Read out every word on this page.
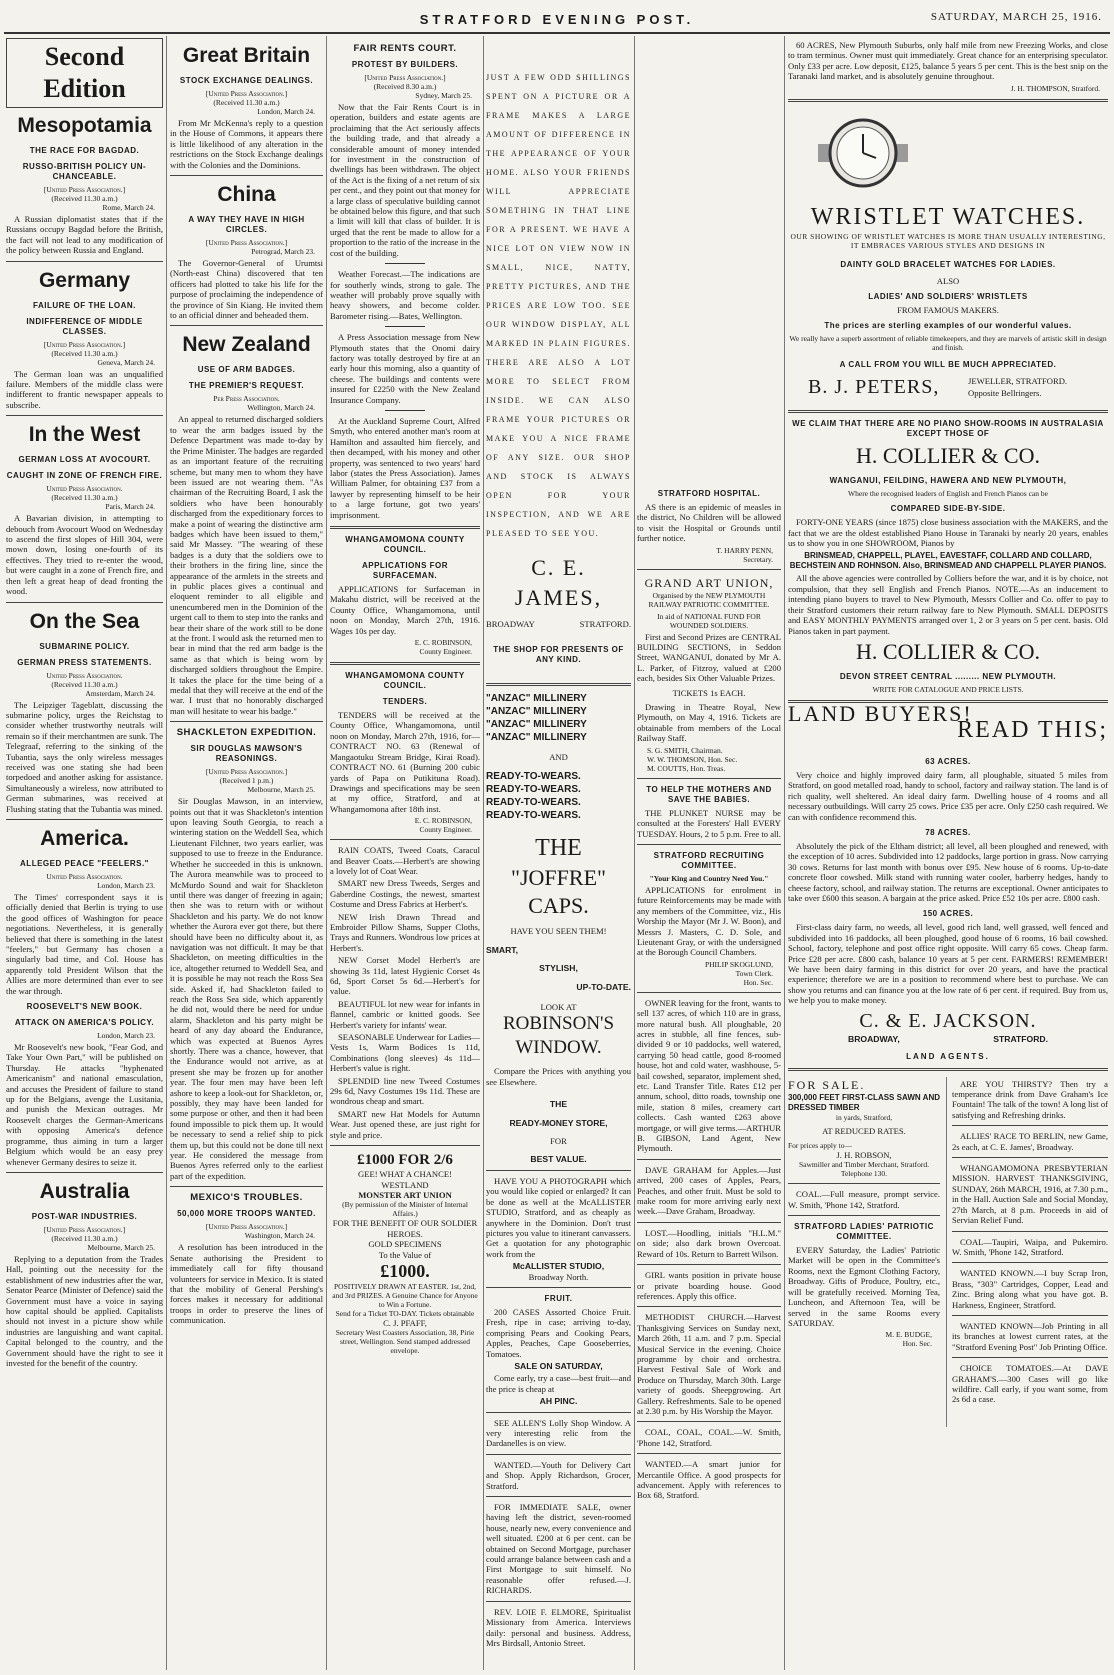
STRATFORD EVENING POST.	SATURDAY, MARCH 25, 1916.
Second Edition
Mesopotamia
THE RACE FOR BAGDAD.
RUSSO-BRITISH POLICY UN-CHANCEABLE.
[United Press Association.]
(Received 11.30 a.m.)
Rome, March 24.
A Russian diplomatist states that if the Russians occupy Bagdad before the British, the fact will not lead to any modification of the policy between Russia and England.
Germany
FAILURE OF THE LOAN.
INDIFFERENCE OF MIDDLE CLASSES.
[United Press Association.]
(Received 11.30 a.m.)
Geneva, March 24.
The German loan was an unqualified failure. Members of the middle class were indifferent to frantic newspaper appeals to subscribe.
In the West
GERMAN LOSS AT AVOCOURT.
CAUGHT IN ZONE OF FRENCH FIRE.
United Press Association.
(Received 11.30 a.m.)
Paris, March 24.
A Bavarian division, in attempting to debouch from Avocourt Wood on Wednesday to ascend the first slopes of Hill 304, were mown down, losing one-fourth of its effectives. They tried to re-enter the wood, but were caught in a zone of French fire, and then left a great heap of dead fronting the wood.
On the Sea
SUBMARINE POLICY.
GERMAN PRESS STATEMENTS.
United Press Association.
(Received 11.30 a.m.)
Amsterdam, March 24.
The Leipziger Tageblatt, discussing the submarine policy, urges the Reichstag to consider whether trustworthy neutrals will remain so if their merchantmen are sunk. The Telegraaf, referring to the sinking of the Tubantia, says the only wireless messages received was one stating she had been torpedoed and another asking for assistance. Simultaneously a wireless, now attributed to German submarines, was received at Flushing stating that the Tubantia was mined.
America.
ALLEGED PEACE "FEELERS."
United Press Association.
London, March 23.
The Times' correspondent says it is officially denied that Berlin is trying to use the good offices of Washington for peace negotiations. Nevertheless, it is generally believed that there is something in the latest "feelers," but Germany has chosen a singularly bad time, and Col. House has apparently told President Wilson that the Allies are more determined than ever to see the war through.
ROOSEVELT'S NEW BOOK.
ATTACK ON AMERICA'S POLICY.
London, March 23.
Mr Roosevelt's new book, "Fear God, and Take Your Own Part," will be published on Thursday. He attacks "hyphenated Americanism" and national emasculation, and accuses the President of failure to stand up for the Belgians, avenge the Lusitania, and punish the Mexican outrages. Mr Roosevelt charges the German-Americans with opposing America's defence programme, thus aiming in turn a larger Belgium which would be an easy prey whenever Germany desires to seize it.
Australia
POST-WAR INDUSTRIES.
[United Press Association.]
(Received 11.30 a.m.)
Melbourne, March 25.
Replying to a deputation from the Trades Hall, pointing out the necessity for the establishment of new industries after the war, Senator Pearce (Minister of Defence) said the Government must have a voice in saying how capital should be applied. Capitalists should not invest in a picture show while industries are languishing and want capital. Capital belonged to the country, and the Government should have the right to see it invested for the benefit of the country.
Great Britain
STOCK EXCHANGE DEALINGS.
[United Press Association.]
(Received 11.30 a.m.)
London, March 24.
From Mr McKenna's reply to a question in the House of Commons, it appears there is little likelihood of any alteration in the restrictions on the Stock Exchange dealings with the Colonies and the Dominions.
China
A WAY THEY HAVE IN HIGH CIRCLES.
[United Press Association.]
Petrograd, March 23.
The Governor-General of Urumtsi (North-east China) discovered that ten officers had plotted to take his life for the purpose of proclaiming the independence of the province of Sin Kiang. He invited them to an official dinner and beheaded them.
New Zealand
USE OF ARM BADGES.
THE PREMIER'S REQUEST.
Per Press Association.
Wellington, March 24.
An appeal to returned discharged soldiers to wear the arm badges issued by the Defence Department was made to-day by the Prime Minister. The badges are regarded as an important feature of the recruiting scheme, but many men to whom they have been issued are not wearing them. "As chairman of the Recruiting Board, I ask the soldiers who have been honourably discharged from the expeditionary forces to make a point of wearing the distinctive arm badges which have been issued to them," said Mr Massey. "The wearing of these badges is a duty that the soldiers owe to their brothers in the firing line, since the appearance of the armlets in the streets and in public places gives a continual and eloquent reminder to all eligible and unencumbered men in the Dominion of the urgent call to them to step into the ranks and bear their share of the work still to be done at the front. I would ask the returned men to bear in mind that the red arm badge is the same as that which is being worn by discharged soldiers throughout the Empire. It takes the place for the time being of a medal that they will receive at the end of the war. I trust that no honorably discharged man will hesitate to wear his badge."
SHACKLETON EXPEDITION.
SIR DOUGLAS MAWSON'S REASONINGS.
[United Press Association.]
(Received 1 p.m.)
Melbourne, March 25.
Sir Douglas Mawson, in an interview, points out that it was Shackleton's intention upon leaving South Georgia, to reach a wintering station on the Weddell Sea, which Lieutenant Filchner, two years earlier, was supposed to use to freeze in the Endurance. Whether he succeeded in this is unknown. The Aurora meanwhile was to proceed to McMurdo Sound and wait for Shackleton until there was danger of freezing in again; then she was to return with or without Shackleton and his party. We do not know whether the Aurora ever got there, but there should have been no difficulty about it, as navigation was not difficult. It may be that Shackleton, on meeting difficulties in the ice, altogether returned to Weddell Sea, and it is possible he may not reach the Ross Sea side. Asked if, had Shackleton failed to reach the Ross Sea side, which apparently he did not, would there be need for undue alarm, Shackleton and his party might be heard of any day aboard the Endurance, which was expected at Buenos Ayres shortly. There was a chance, however, that the Endurance would not arrive, as at present she may be frozen up for another year. The four men may have been left ashore to keep a look-out for Shackleton, or, possibly, they may have been landed for some purpose or other, and then it had been found impossible to pick them up. It would be necessary to send a relief ship to pick them up, but this could not be done till next year. He considered the message from Buenos Ayres referred only to the earliest part of the expedition.
MEXICO'S TROUBLES.
50,000 MORE TROOPS WANTED.
[United Press Association.]
Washington, March 24.
A resolution has been introduced in the Senate authorising the President to immediately call for fifty thousand volunteers for service in Mexico. It is stated that the mobility of General Pershing's forces makes it necessary for additional troops in order to preserve the lines of communication.
FAIR RENTS COURT.
PROTEST BY BUILDERS.
[United Press Association.]
(Received 8.30 a.m.)
Sydney, March 25.
Now that the Fair Rents Court is in operation, builders and estate agents are proclaiming that the Act seriously affects the building trade, and that already a considerable amount of money intended for investment in the construction of dwellings has been withdrawn. The object of the Act is the fixing of a net return of six per cent., and they point out that money for a large class of speculative building cannot be obtained below this figure, and that such a limit will kill that class of builder. It is urged that the rent be made to allow for a proportion to the ratio of the increase in the cost of the building.
Weather Forecast.—The indications are for southerly winds, strong to gale. The weather will probably prove squally with heavy showers, and become colder. Barometer rising.—Bates, Wellington.
A Press Association message from New Plymouth states that the Onomi dairy factory was totally destroyed by fire at an early hour this morning, also a quantity of cheese. The buildings and contents were insured for £2250 with the New Zealand Insurance Company.
At the Auckland Supreme Court, Alfred Smyth, who entered another man's room at Hamilton and assaulted him fiercely, and then decamped, with his money and other property, was sentenced to two years' hard labor (states the Press Association). James William Palmer, for obtaining £37 from a lawyer by representing himself to be heir to a large fortune, got two years' imprisonment.
WHANGAMOMONA COUNTY COUNCIL.
APPLICATIONS FOR SURFACEMAN.
APPLICATIONS for Surfaceman in Makahu district, will be received at the County Office, Whangamomona, until noon on Monday, March 27th, 1916. Wages 10s per day.
E. C. ROBINSON,
County Engineer.
WHANGAMOMONA COUNTY COUNCIL.
TENDERS.
TENDERS will be received at the County Office, Whangamomona, until noon on Monday, March 27th, 1916, for— CONTRACT NO. 63 (Renewal of Mangaotuku Stream Bridge, Kirai Road). CONTRACT NO. 61 (Burning 200 cubic yards of Papa on Putikituna Road). Drawings and specifications may be seen at my office, Stratford, and at Whangamomona after 18th inst.
E. C. ROBINSON,
County Engineer.
RAIN COATS, Tweed Coats, Caracul and Beaver Coats.—Herbert's are showing a lovely lot of Coat Wear.
SMART new Dress Tweeds, Serges and Gaberdine Costings, the newest, smartest Costume and Dress Fabrics at Herbert's.
NEW Irish Drawn Thread and Embroider Pillow Shams, Supper Cloths, Trays and Runners. Wondrous low prices at Herbert's.
NEW Corset Model Herbert's are showing 3s 11d, latest Hygienic Corset 4s 6d, Sport Corset 5s 6d.—Herbert's for value.
BEAUTIFUL lot new wear for infants in flannel, cambric or knitted goods. See Herbert's variety for infants' wear.
SEASONABLE Underwear for Ladies—Vests 1s, Warm Bodices 1s 11d, Combinations (long sleeves) 4s 11d—Herbert's value is right.
SPLENDID line new Tweed Costumes 29s 6d, Navy Costumes 19s 11d. These are wondrous cheap and smart.
SMART new Hat Models for Autumn Wear. Just opened these, are just right for style and price.
£1000 FOR 2/6
GEE! WHAT A CHANCE!
WESTLAND
MONSTER ART UNION
(By permission of the Minister of Internal Affairs.)
FOR THE BENEFIT OF OUR SOLDIER HEROES.
GOLD SPECIMENS
To the Value of
£1000.
POSITIVELY DRAWN AT EASTER. 1st, 2nd, and 3rd PRIZES. A Genuine Chance for Anyone to Win a Fortune.
Send for a Ticket TO-DAY. Tickets obtainable
C. J. PFAFF,
Secretary West Coasters Association, 38, Pirie street, Wellington. Send stamped addressed envelope.
JUST A FEW ODD SHILLINGS SPENT ON A PICTURE OR A FRAME MAKES A LARGE AMOUNT OF DIFFERENCE IN THE APPEARANCE OF YOUR HOME. ALSO YOUR FRIENDS WILL APPRECIATE SOMETHING IN THAT LINE FOR A PRESENT. WE HAVE A NICE LOT ON VIEW NOW IN SMALL, NICE, NATTY, PRETTY PICTURES, AND THE PRICES ARE LOW TOO. SEE OUR WINDOW DISPLAY, ALL MARKED IN PLAIN FIGURES. THERE ARE ALSO A LOT MORE TO SELECT FROM INSIDE. WE CAN ALSO FRAME YOUR PICTURES OR MAKE YOU A NICE FRAME OF ANY SIZE. OUR SHOP AND STOCK IS ALWAYS OPEN FOR YOUR INSPECTION, AND WE ARE PLEASED TO SEE YOU.
C. E. JAMES,
BROADWAY	STRATFORD.
THE SHOP FOR PRESENTS OF ANY KIND.
"ANZAC" MILLINERY
"ANZAC" MILLINERY
"ANZAC" MILLINERY
"ANZAC" MILLINERY
AND
READY-TO-WEARS.
READY-TO-WEARS.
READY-TO-WEARS.
READY-TO-WEARS.
THE
"JOFFRE"
CAPS.
HAVE YOU SEEN THEM!
SMART,
STYLISH,
UP-TO-DATE.
LOOK AT
ROBINSON'S
WINDOW.
Compare the Prices with anything you see Elsewhere.
THE
READY-MONEY STORE,
FOR
BEST VALUE.
HAVE YOU A PHOTOGRAPH which you would like copied or enlarged? It can be done as well at the McALLISTER STUDIO, Stratford, and as cheaply as anywhere in the Dominion. Don't trust pictures you value to itinerant canvassers. Get a quotation for any photographic work from the
McALLISTER STUDIO,
Broadway North.
FRUIT.
200 CASES Assorted Choice Fruit. Fresh, ripe in case; arriving to-day, comprising Pears and Cooking Pears, Apples, Peaches, Cape Gooseberries, Tomatoes.
SALE ON SATURDAY,
Come early, try a case—best fruit—and the price is cheap at
AH PINC.
SEE ALLEN'S Lolly Shop Window. A very interesting relic from the Dardanelles is on view.
WANTED.—Youth for Delivery Cart and Shop. Apply Richardson, Grocer, Stratford.
FOR IMMEDIATE SALE, owner having left the district, seven-roomed house, nearly new, every convenience and well situated. £200 at 6 per cent. can be obtained on Second Mortgage, purchaser could arrange balance between cash and a First Mortgage to suit himself. No reasonable offer refused.—J. RICHARDS.
REV. LOIE F. ELMORE, Spiritualist Missionary from America. Interviews daily: personal and business. Address, Mrs Birdsall, Antonio Street.
STRATFORD HOSPITAL.
AS there is an epidemic of measles in the district, No Children will be allowed to visit the Hospital or Grounds until further notice.
T. HARRY PENN,
Secretary.
GRAND ART UNION,
Organised by the NEW PLYMOUTH RAILWAY PATRIOTIC COMMITTEE.
In aid of NATIONAL FUND FOR WOUNDED SOLDIERS.
First and Second Prizes are CENTRAL BUILDING SECTIONS, in Seddon Street, WANGANUI, donated by Mr A. L. Parker, of Fitzroy, valued at £200 each, besides Six Other Valuable Prizes.
TICKETS 1s EACH.
Drawing in Theatre Royal, New Plymouth, on May 4, 1916. Tickets are obtainable from members of the Local Railway Staff.
S. G. SMITH, Chairman.
W. W. THOMSON, Hon. Sec.
M. COUTTS, Hon. Treas.
TO HELP THE MOTHERS AND SAVE THE BABIES.
THE PLUNKET NURSE may be consulted at the Foresters' Hall EVERY TUESDAY. Hours, 2 to 5 p.m. Free to all.
STRATFORD RECRUITING COMMITTEE.
"Your King and Country Need You."
APPLICATIONS for enrolment in future Reinforcements may be made with any members of the Committee, viz., His Worship the Mayor (Mr J. W. Boon), and Messrs J. Masters, C. D. Sole, and Lieutenant Gray, or with the undersigned at the Borough Council Chambers.
PHILIP SKOGLUND,
Town Clerk.
Hon. Sec.
OWNER leaving for the front, wants to sell 137 acres, of which 110 are in grass, more natural bush. All ploughable, 20 acres in stubble, all fine fences, sub-divided 9 or 10 paddocks, well watered, carrying 50 head cattle, good 8-roomed house, hot and cold water, washhouse, 5-bail cowshed, separator, implement shed, etc. Land Transfer Title. Rates £12 per annum, school, ditto roads, township one mile, station 8 miles, creamery cart collects. Cash wanted £263 above mortgage, or will give terms.—ARTHUR B. GIBSON, Land Agent, New Plymouth.
DAVE GRAHAM for Apples.—Just arrived, 200 cases of Apples, Pears, Peaches, and other fruit. Must be sold to make room for more arriving early next week.—Dave Graham, Broadway.
LOST.—Hoodling, initials "H.L.M." on side; also dark brown Overcoat. Reward of 10s. Return to Barrett Wilson.
GIRL wants position in private house or private boarding house. Good references. Apply this office.
METHODIST CHURCH.—Harvest Thanksgiving Services on Sunday next, March 26th, 11 a.m. and 7 p.m. Special Musical Service in the evening. Choice programme by choir and orchestra. Harvest Festival Sale of Work and Produce on Thursday, March 30th. Large variety of goods. Sheepgrowing. Art Gallery. Refreshments. Sale to be opened at 2.30 p.m. by His Worship the Mayor.
COAL, COAL, COAL.—W. Smith, 'Phone 142, Stratford.
WANTED.—A smart junior for Mercantile Office. A good prospects for advancement. Apply with references to Box 68, Stratford.
60 ACRES, New Plymouth Suburbs, only half mile from new Freezing Works, and close to tram terminus. Owner must quit immediately. Great chance for an enterprising speculator. Only £33 per acre. Low deposit, £125, balance 5 years 5 per cent. This is the best snip on the Taranaki land market, and is absolutely genuine throughout.
J. H. THOMPSON, Stratford.
WRISTLET WATCHES.
OUR SHOWING OF WRISTLET WATCHES IS MORE THAN USUALLY INTERESTING, IT EMBRACES VARIOUS STYLES AND DESIGNS IN
DAINTY GOLD BRACELET WATCHES FOR LADIES.
ALSO
LADIES' AND SOLDIERS' WRISTLETS
FROM FAMOUS MAKERS.
The prices are sterling examples of our wonderful values.
We really have a superb assortment of reliable timekeepers, and they are marvels of artistic skill in design and finish.
A CALL FROM YOU WILL BE MUCH APPRECIATED.
B. J. PETERS,	JEWELLER, STRATFORD.
Opposite Bellringers.
WE CLAIM THAT THERE ARE NO PIANO SHOW-ROOMS IN AUSTRALASIA EXCEPT THOSE OF
H. COLLIER & CO.
WANGANUI, FEILDING, HAWERA AND NEW PLYMOUTH,
Where the recognised leaders of English and French Pianos can be
COMPARED SIDE-BY-SIDE.
FORTY-ONE YEARS (since 1875) close business association with the MAKERS, and the fact that we are the oldest established Piano House in Taranaki by nearly 20 years, enables us to show you in one SHOWROOM, Pianos by
BRINSMEAD, CHAPPELL, PLAYEL, EAVESTAFF, COLLARD AND COLLARD, BECHSTEIN AND ROHNSON. Also, BRINSMEAD AND CHAPPELL PLAYER PIANOS.
All the above agencies were controlled by Colliers before the war, and it is by choice, not compulsion, that they sell English and French Pianos. NOTE.—As an inducement to intending piano buyers to travel to New Plymouth, Messrs Collier and Co. offer to pay to their Stratford customers their return railway fare to New Plymouth. SMALL DEPOSITS and EASY MONTHLY PAYMENTS arranged over 1, 2 or 3 years on 5 per cent. basis. Old Pianos taken in part payment.
H. COLLIER & CO.
DEVON STREET CENTRAL ......... NEW PLYMOUTH.
WRITE FOR CATALOGUE AND PRICE LISTS.
LAND BUYERS!
READ THIS;
63 ACRES.
Very choice and highly improved dairy farm, all ploughable, situated 5 miles from Stratford, on good metalled road, handy to school, factory and railway station. The land is of rich quality, well sheltered. An ideal dairy farm. Dwelling house of 4 rooms and all necessary outbuildings. Will carry 25 cows. Price £35 per acre. Only £250 cash required. We can with confidence recommend this.
78 ACRES.
Absolutely the pick of the Eltham district; all level, all been ploughed and renewed, with the exception of 10 acres. Subdivided into 12 paddocks, large portion in grass. Now carrying 30 cows. Returns for last month with bonus over £95. New house of 6 rooms. Up-to-date concrete floor cowshed. Milk stand with running water cooler, barberry hedges, handy to cheese factory, school, and railway station. The returns are exceptional. Owner anticipates to take over £600 this season. A bargain at the price asked. Price £52 10s per acre. £800 cash.
150 ACRES.
First-class dairy farm, no weeds, all level, good rich land, well grassed, well fenced and subdivided into 16 paddocks, all been ploughed, good house of 6 rooms, 16 bail cowshed. School, factory, telephone and post office right opposite. Will carry 65 cows. Cheap farm. Price £28 per acre. £800 cash, balance 10 years at 5 per cent. FARMERS! REMEMBER! We have been dairy farming in this district for over 20 years, and have the practical experience; therefore we are in a position to recommend where best to purchase. We can show you returns and can finance you at the low rate of 6 per cent. if required. Buy from us, we help you to make money.
C. & E. JACKSON.
BROADWAY,	STRATFORD.
LAND AGENTS.
FOR SALE.
300,000 FEET FIRST-CLASS SAWN AND DRESSED TIMBER
in yards, Stratford,
AT REDUCED RATES.
For prices apply to—
J. H. ROBSON,
Sawmiller and Timber Merchant, Stratford. Telephone 130.
COAL.—Full measure, prompt service. W. Smith, 'Phone 142, Stratford.
STRATFORD LADIES' PATRIOTIC COMMITTEE.
EVERY Saturday, the Ladies' Patriotic Market will be open in the Committee's Rooms, next the Egmont Clothing Factory, Broadway. Gifts of Produce, Poultry, etc., will be gratefully received. Morning Tea, Luncheon, and Afternoon Tea, will be served in the same Rooms every SATURDAY.
M. E. BUDGE,
Hon. Sec.
ARE YOU THIRSTY? Then try a temperance drink from Dave Graham's Ice Fountain! The talk of the town! A long list of satisfying and Refreshing drinks.
ALLIES' RACE TO BERLIN, new Game, 2s each, at C. E. James', Broadway.
WHANGAMOMONA PRESBYTERIAN MISSION. HARVEST THANKSGIVING, SUNDAY, 26th MARCH, 1916, at 7.30 p.m., in the Hall. Auction Sale and Social Monday, 27th March, at 8 p.m. Proceeds in aid of Servian Relief Fund.
COAL—Taupiri, Waipa, and Pukemiro. W. Smith, 'Phone 142, Stratford.
WANTED KNOWN.—I buy Scrap Iron, Brass, "303" Cartridges, Copper, Lead and Zinc. Bring along what you have got. B. Harkness, Engineer, Stratford.
WANTED KNOWN—Job Printing in all its branches at lowest current rates, at the "Stratford Evening Post" Job Printing Office.
CHOICE TOMATOES.—At DAVE GRAHAM'S.—300 Cases will go like wildfire. Call early, if you want some, from 2s 6d a case.
